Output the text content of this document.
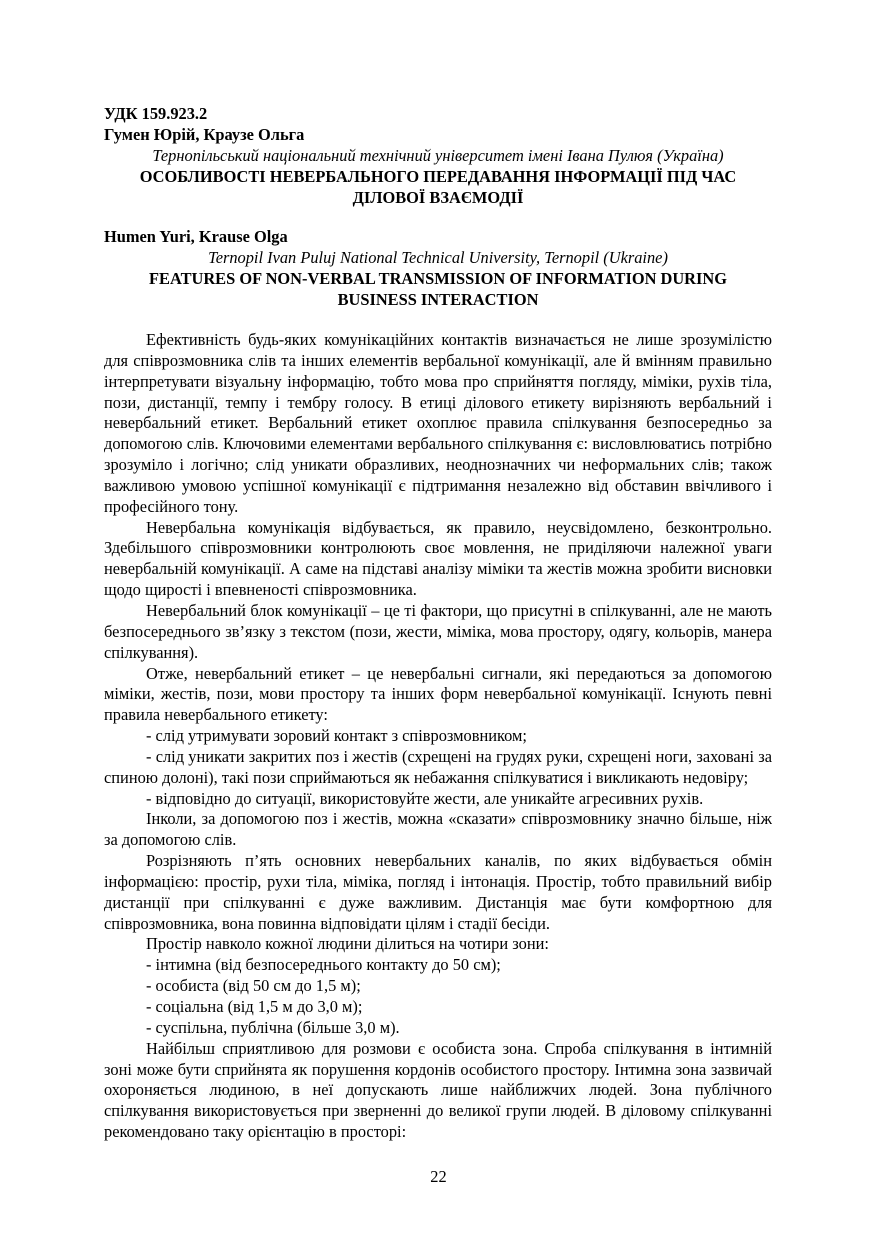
УДК 159.923.2
Гумен Юрій, Краузе Ольга
Тернопільський національний технічний університет імені Івана Пулюя (Україна)
ОСОБЛИВОСТІ НЕВЕРБАЛЬНОГО ПЕРЕДАВАННЯ ІНФОРМАЦІЇ ПІД ЧАС
ДІЛОВОЇ ВЗАЄМОДІЇ
Humen Yuri, Krause Olga
Ternopil Ivan Puluj National Technical University, Ternopil (Ukraine)
FEATURES OF NON-VERBAL TRANSMISSION OF INFORMATION DURING
BUSINESS INTERACTION

Ефективність будь-яких комунікаційних контактів визначається не лише зрозумілістю для співрозмовника слів та інших елементів вербальної комунікації, але й вмінням правильно інтерпретувати візуальну інформацію, тобто мова про сприйняття погляду, міміки, рухів тіла, пози, дистанції, темпу і тембру голосу. В етиці ділового етикету вирізняють вербальний і невербальний етикет. Вербальний етикет охоплює правила спілкування безпосередньо за допомогою слів. Ключовими елементами вербального спілкування є: висловлюватись потрібно зрозуміло і логічно; слід уникати образливих, неоднозначних чи неформальних слів; також важливою умовою успішної комунікації є підтримання незалежно від обставин ввічливого і професійного тону.

Невербальна комунікація відбувається, як правило, неусвідомлено, безконтрольно. Здебільшого співрозмовники контролюють своє мовлення, не приділяючи належної уваги невербальній комунікації. А саме на підставі аналізу міміки та жестів можна зробити висновки щодо щирості і впевненості співрозмовника.

Невербальний блок комунікації – це ті фактори, що присутні в спілкуванні, але не мають безпосереднього зв’язку з текстом (пози, жести, міміка, мова простору, одягу, кольорів, манера спілкування).

Отже, невербальний етикет – це невербальні сигнали, які передаються за допомогою міміки, жестів, пози, мови простору та інших форм невербальної комунікації. Існують певні правила невербального етикету:

- слід утримувати зоровий контакт з співрозмовником;

- слід уникати закритих поз і жестів (схрещені на грудях руки, схрещені ноги, заховані за спиною долоні), такі пози сприймаються як небажання спілкуватися і викликають недовіру;

- відповідно до ситуації, використовуйте жести, але уникайте агресивних рухів.

Інколи, за допомогою поз і жестів, можна «сказати» співрозмовнику значно більше, ніж за допомогою слів.

Розрізняють п’ять основних невербальних каналів, по яких відбувається обмін інформацією: простір, рухи тіла, міміка, погляд і інтонація. Простір, тобто правильний вибір дистанції при спілкуванні є дуже важливим. Дистанція має бути комфортною для співрозмовника, вона повинна відповідати цілям і стадії бесіди.

Простір навколо кожної людини ділиться на чотири зони:

- інтимна (від безпосереднього контакту до 50 см);

- особиста (від 50 см до 1,5 м);

- соціальна (від 1,5 м до 3,0 м);

- суспільна, публічна (більше 3,0 м).

Найбільш сприятливою для розмови є особиста зона. Спроба спілкування в інтимній зоні може бути сприйнята як порушення кордонів особистого простору. Інтимна зона зазвичай охороняється людиною, в неї допускають лише найближчих людей. Зона публічного спілкування використовується при зверненні до великої групи людей. В діловому спілкуванні рекомендовано таку орієнтацію в просторі:

22
